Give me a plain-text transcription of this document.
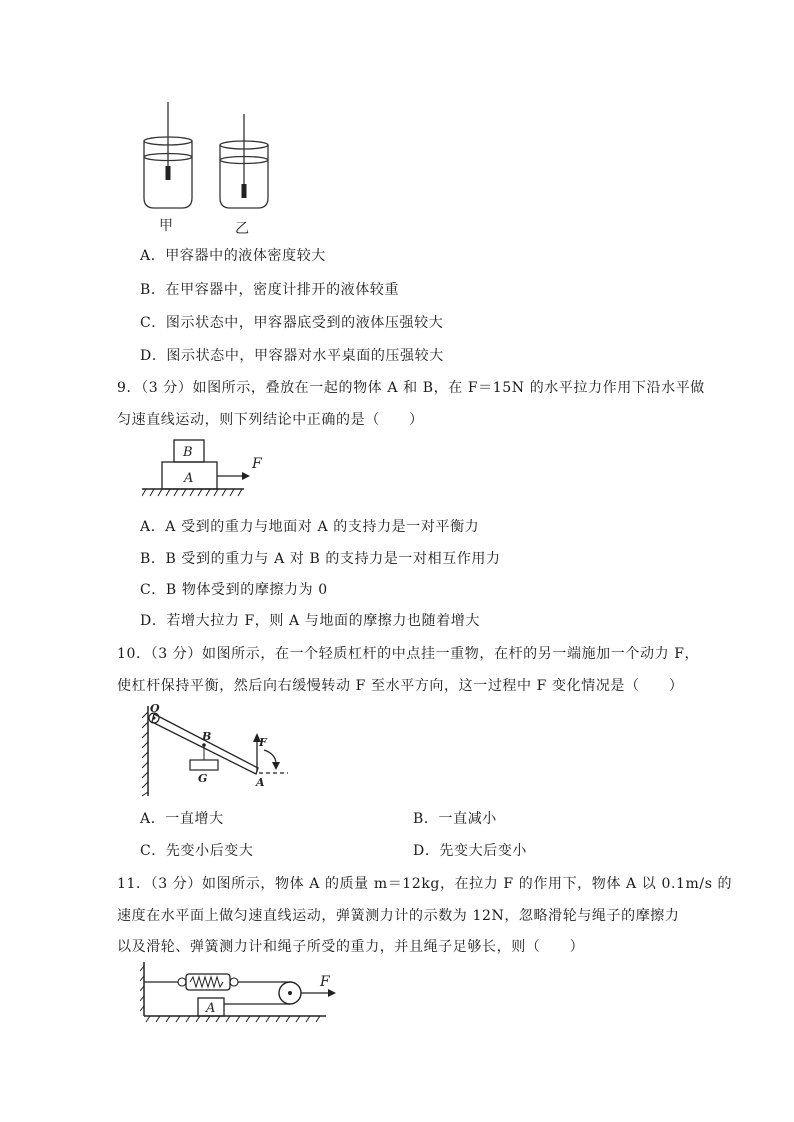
甲	乙
A．甲容器中的液体密度较大
B．在甲容器中，密度计排开的液体较重
C．图示状态中，甲容器底受到的液体压强较大
D．图示状态中，甲容器对水平桌面的压强较大
9．（3 分）如图所示，叠放在一起的物体 A 和 B，在 F＝15N 的水平拉力作用下沿水平做
匀速直线运动，则下列结论中正确的是（　　）
B
A
F
A．A 受到的重力与地面对 A 的支持力是一对平衡力
B．B 受到的重力与 A 对 B 的支持力是一对相互作用力
C．B 物体受到的摩擦力为 0
D．若增大拉力 F，则 A 与地面的摩擦力也随着增大
10．（3 分）如图所示，在一个轻质杠杆的中点挂一重物，在杆的另一端施加一个动力 F，
使杠杆保持平衡，然后向右缓慢转动 F 至水平方向，这一过程中 F 变化情况是（　　）
O
B
A
F
G
A．一直增大	B．一直减小
C．先变小后变大	D．先变大后变小
11．（3 分）如图所示，物体 A 的质量 m＝12kg，在拉力 F 的作用下，物体 A 以 0.1m/s 的
速度在水平面上做匀速直线运动，弹簧测力计的示数为 12N，忽略滑轮与绳子的摩擦力
以及滑轮、弹簧测力计和绳子所受的重力，并且绳子足够长，则（　　）
A
F
